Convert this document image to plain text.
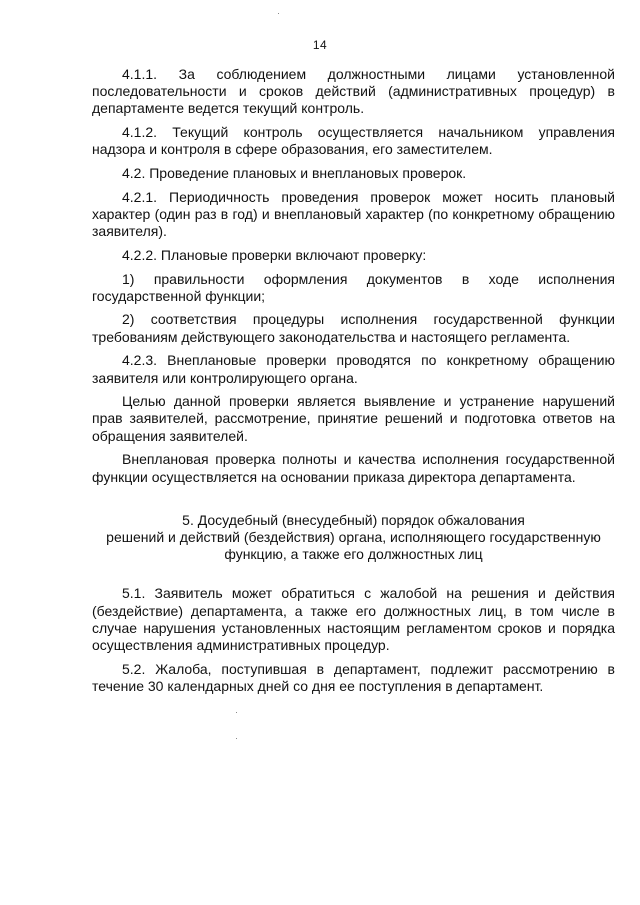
14

4.1.1. За соблюдением должностными лицами установленной последовательности и сроков действий (административных процедур) в департаменте ведется текущий контроль.

4.1.2. Текущий контроль осуществляется начальником управления надзора и контроля в сфере образования, его заместителем.

4.2. Проведение плановых и внеплановых проверок.

4.2.1. Периодичность проведения проверок может носить плановый характер (один раз в год) и внеплановый характер (по конкретному обращению заявителя).

4.2.2. Плановые проверки включают проверку:

1) правильности оформления документов в ходе исполнения государственной функции;

2) соответствия процедуры исполнения государственной функции требованиям действующего законодательства и настоящего регламента.

4.2.3. Внеплановые проверки проводятся по конкретному обращению заявителя или контролирующего органа.

Целью данной проверки является выявление и устранение нарушений прав заявителей, рассмотрение, принятие решений и подготовка ответов на обращения заявителей.

Внеплановая проверка полноты и качества исполнения государственной функции осуществляется на основании приказа директора департамента.

5. Досудебный (внесудебный) порядок обжалования
решений и действий (бездействия) органа, исполняющего государственную
функцию, а также его должностных лиц

5.1. Заявитель может обратиться с жалобой на решения и действия (бездействие) департамента, а также его должностных лиц, в том числе в случае нарушения установленных настоящим регламентом сроков и порядка осуществления административных процедур.

5.2. Жалоба, поступившая в департамент, подлежит рассмотрению в течение 30 календарных дней со дня ее поступления в департамент.
